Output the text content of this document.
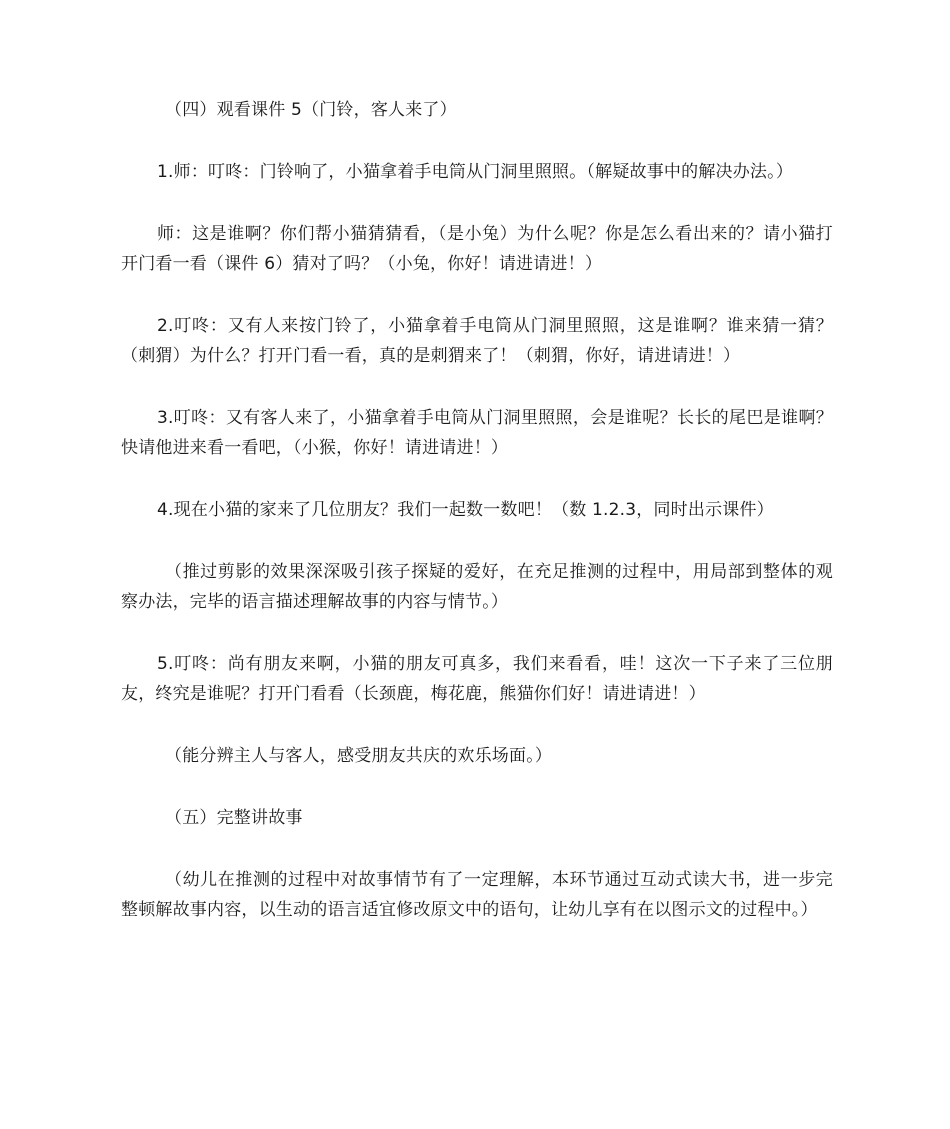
（四）观看课件 5（门铃，客人来了）

1.师：叮咚：门铃响了，小猫拿着手电筒从门洞里照照。（解疑故事中的解决办法。）

师：这是谁啊？你们帮小猫猜猜看，（是小兔）为什么呢？你是怎么看出来的？请小猫打开门看一看（课件 6）猜对了吗？（小兔，你好！请进请进！）

2.叮咚：又有人来按门铃了，小猫拿着手电筒从门洞里照照，这是谁啊？谁来猜一猜？（刺猬）为什么？打开门看一看，真的是刺猬来了！（刺猬，你好，请进请进！）

3.叮咚：又有客人来了，小猫拿着手电筒从门洞里照照，会是谁呢？长长的尾巴是谁啊？快请他进来看一看吧，（小猴，你好！请进请进！）

4.现在小猫的家来了几位朋友？我们一起数一数吧！（数 1.2.3，同时出示课件）

（推过剪影的效果深深吸引孩子探疑的爱好，在充足推测的过程中，用局部到整体的观察办法，完毕的语言描述理解故事的内容与情节。）

5.叮咚：尚有朋友来啊，小猫的朋友可真多，我们来看看，哇！这次一下子来了三位朋友，终究是谁呢？打开门看看（长颈鹿，梅花鹿，熊猫你们好！请进请进！）

（能分辨主人与客人，感受朋友共庆的欢乐场面。）

（五）完整讲故事

（幼儿在推测的过程中对故事情节有了一定理解，本环节通过互动式读大书，进一步完整顿解故事内容，以生动的语言适宜修改原文中的语句，让幼儿享有在以图示文的过程中。）
